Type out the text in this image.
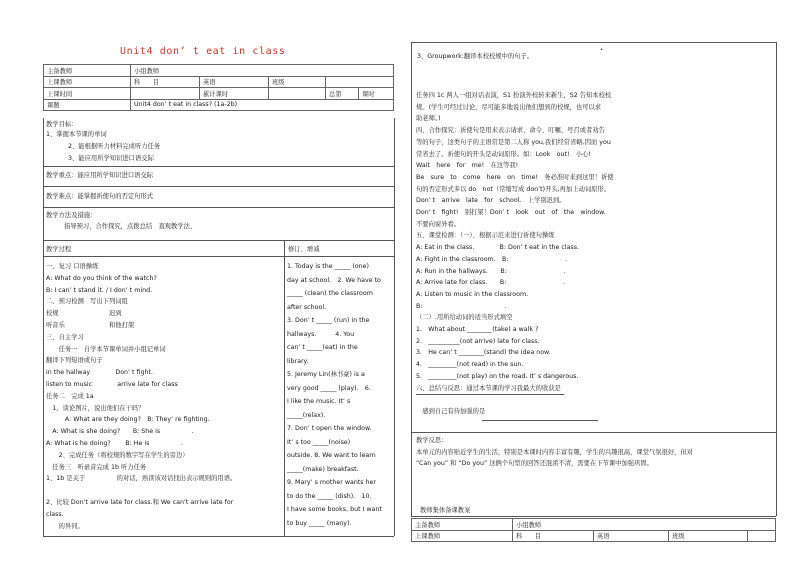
Unit4 don’ t eat in class
主备教师	小组教师				
上课教师	科　　目	英语	班级		
上课时间		累计课时		总第	课时
课题	Unit4 don’ t eat in class? (1a-2b)				
教学目标：
1、掌握本节课的单词
2、能根据听力材料完成听力任务
3、能应用所学知识进口语交际
教学重点：能应用所学知识进口语交际
教学难点：能掌握祈使句的否定句形式
教学方法及措施：
指导预习，合作探究，点拨总结　直观教学法、
教学过程	修订、增减
一、复习 口语操练
A: What do you think of the watch?
B: I can’ t stand it. / I don’ t mind.
二、预习检测　写出下列词组
校规　　　　　　　　迟到
听音乐　　　　　　　和他打架
三、自主学习
　　任务一　自学本节课单词并小组记单词
翻译下列短语或句子
in the hallway　　　　Don’ t fight.
listen to music　　　　arrive late for class
任务二　完成 1a
　1、谈论图片，说出他们在干吗？
　　　A: What are they doing?　B: They’ re fighting.
　A: What is she doing?　　B: She is　　　　　.
A: What is he doing?　　 B: He is　　　　　.
　　2、完成任务（将校规的数字写在学生的旁边）
　任务三　听录音完成 1b 听力任务
1、1b 是关于　　　　　的对话，熟读该对话找出表示规则的用语。
2、比较 Don’t arrive late for class.和 We can’t arrive late for
class.
　　的异同。
1. Today is the _____ (one)
day at school.　2. We have to
_____ (clean) the classroom
after school.
3. Don’ t _____ (run) in the
hallways.　　　4. You
can’ t _____(eat) in the
library.
5. Jeremy Lin(林书豪) is a
very good _____ (play).　6.
I like the music. It’ s
_____(relax).
7. Don’ t open the window.
It’ s too _____(noise)
outside. 8. We want to learn
_____(make) breakfast.
9. Mary’ s mother wants her
to do the _____ (dish).　10.
I have some books, but I want
to buy _____ (many).
•
3、Groupwork:翻译本校校规中的句子。
任务四 1c 两人一组对话表演，S1 扮演外校转来新生，S2 告知本校校
规。(学生可经过讨论，尽可能多地说出他们想到的校规，也可以求
助老师。)
四、合作探究：祈使句是用来表示请求、命令、叮嘱、号召或者劝告
等的句子，这类句子的主语常是第二人称 you,我们经常省略,因而 you
常省去了。祈使句的开头是动词原形。如：Look　out!　小心!
Wait　here　for　me!　在这等我!
Be　sure　to　come　here　on　time!　务必准时来到这里！祈使
句的否定形式多以 do　not（常缩写成 don’t)开头,再加上动词原形。
Don’ t　arrive　late　for　school.　上学别迟到。
Don’ t　fight!　别打架！Don’ t　look　out　of　the　window.
不要向窗外看。
五、课堂检测：（一）、根据示范来进行祈使句操练
A: Eat in the class.　　　　B: Don’ t eat in the class.
A: Fight in the classroom.　B:　　　　　　　　　.
A: Run in the hallways.　　B:　　　　　　　　　.
A: Arrive late for class.　　B:　　　　　　　　　.
A: Listen to music in the classroom.
B:　　　　　　　　　　　　　.
（二）.用所给动词的适当形式填空
1.　What about ________(take) a walk ?
2.　__________(not arrive) late for class.
3.　He can’ t ________(stand) the idea now.
4.　_________(not read) in the sun.
5.　_________(not play) on the road. It’ s dangerous.
六、总结与反思：通过本节课的学习我最大的收获是
　感到自己有待加强的是
教学反思：
本单元的内容贴近学生的生活，特别是本课时内容丰富有趣，学生的兴趣很高，课堂气氛很好，但对
“Can you” 和 “Do you” 这俩个句型的回答还混淆不清，需要在下节课中加强巩固。
教师集体备课教案
主备教师	小组教师			
上课教师	科　　目	英语	班级	
